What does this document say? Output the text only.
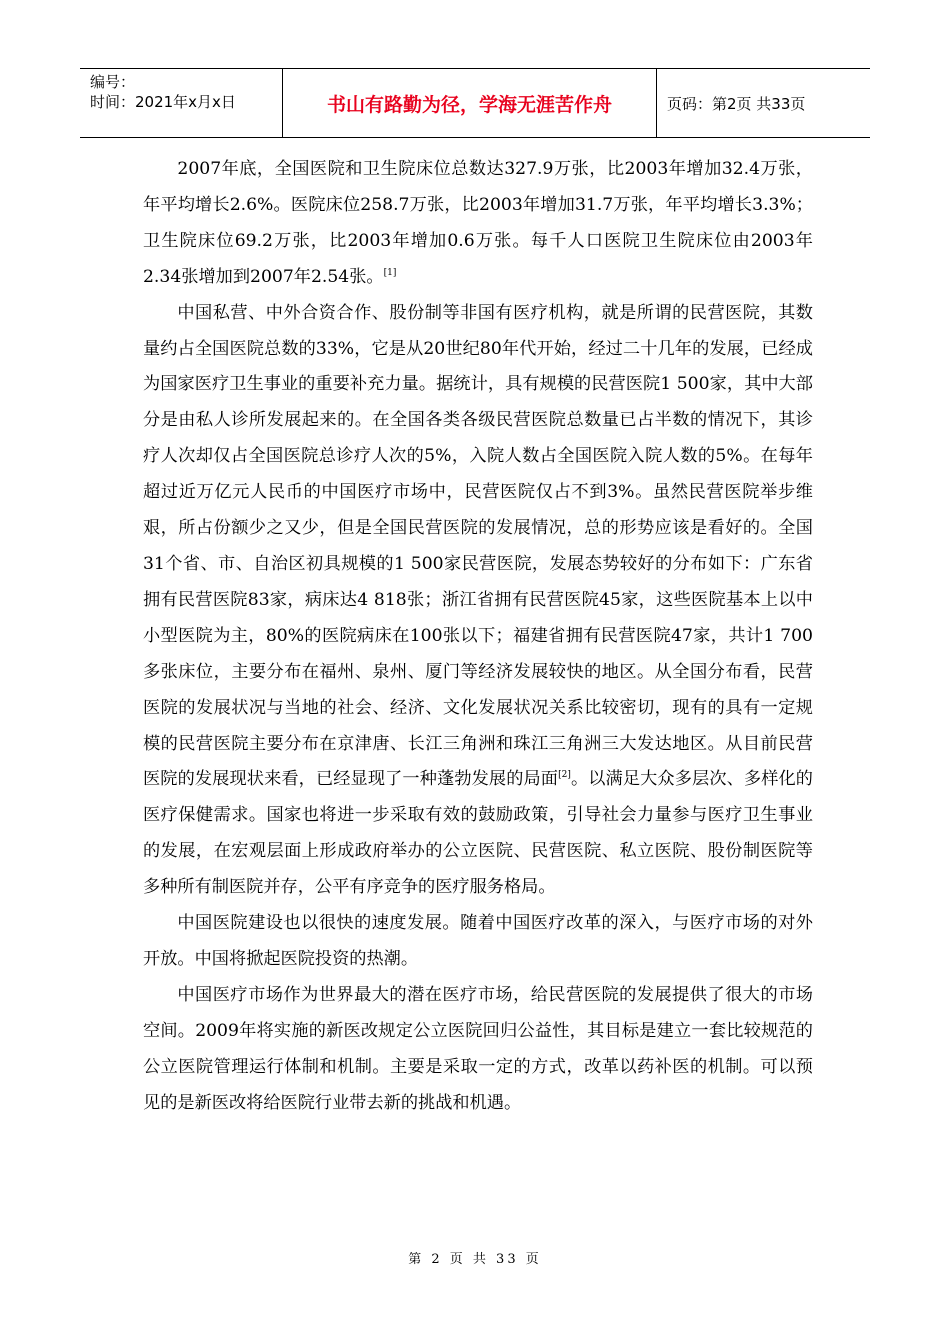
编号：
时间：2021年x月x日	书山有路勤为径，学海无涯苦作舟	页码：第2页 共33页

2007年底，全国医院和卫生院床位总数达327.9万张，比2003年增加32.4万张，年平均增长2.6%。医院床位258.7万张，比2003年增加31.7万张，年平均增长3.3%；卫生院床位69.2万张，比2003年增加0.6万张。每千人口医院卫生院床位由2003年2.34张增加到2007年2.54张。[1]

中国私营、中外合资合作、股份制等非国有医疗机构，就是所谓的民营医院，其数量约占全国医院总数的33%，它是从20世纪80年代开始，经过二十几年的发展，已经成为国家医疗卫生事业的重要补充力量。据统计，具有规模的民营医院1 500家，其中大部分是由私人诊所发展起来的。在全国各类各级民营医院总数量已占半数的情况下，其诊疗人次却仅占全国医院总诊疗人次的5%，入院人数占全国医院入院人数的5%。在每年超过近万亿元人民币的中国医疗市场中，民营医院仅占不到3%。虽然民营医院举步维艰，所占份额少之又少，但是全国民营医院的发展情况，总的形势应该是看好的。全国31个省、市、自治区初具规模的1 500家民营医院，发展态势较好的分布如下：广东省拥有民营医院83家，病床达4 818张；浙江省拥有民营医院45家，这些医院基本上以中小型医院为主，80%的医院病床在100张以下；福建省拥有民营医院47家，共计1 700多张床位，主要分布在福州、泉州、厦门等经济发展较快的地区。从全国分布看，民营医院的发展状况与当地的社会、经济、文化发展状况关系比较密切，现有的具有一定规模的民营医院主要分布在京津唐、长江三角洲和珠江三角洲三大发达地区。从目前民营医院的发展现状来看，已经显现了一种蓬勃发展的局面[2]。以满足大众多层次、多样化的医疗保健需求。国家也将进一步采取有效的鼓励政策，引导社会力量参与医疗卫生事业的发展，在宏观层面上形成政府举办的公立医院、民营医院、私立医院、股份制医院等多种所有制医院并存，公平有序竞争的医疗服务格局。

中国医院建设也以很快的速度发展。随着中国医疗改革的深入，与医疗市场的对外开放。中国将掀起医院投资的热潮。

中国医疗市场作为世界最大的潜在医疗市场，给民营医院的发展提供了很大的市场空间。2009年将实施的新医改规定公立医院回归公益性，其目标是建立一套比较规范的公立医院管理运行体制和机制。主要是采取一定的方式，改革以药补医的机制。可以预见的是新医改将给医院行业带去新的挑战和机遇。

第 2 页 共 33 页
